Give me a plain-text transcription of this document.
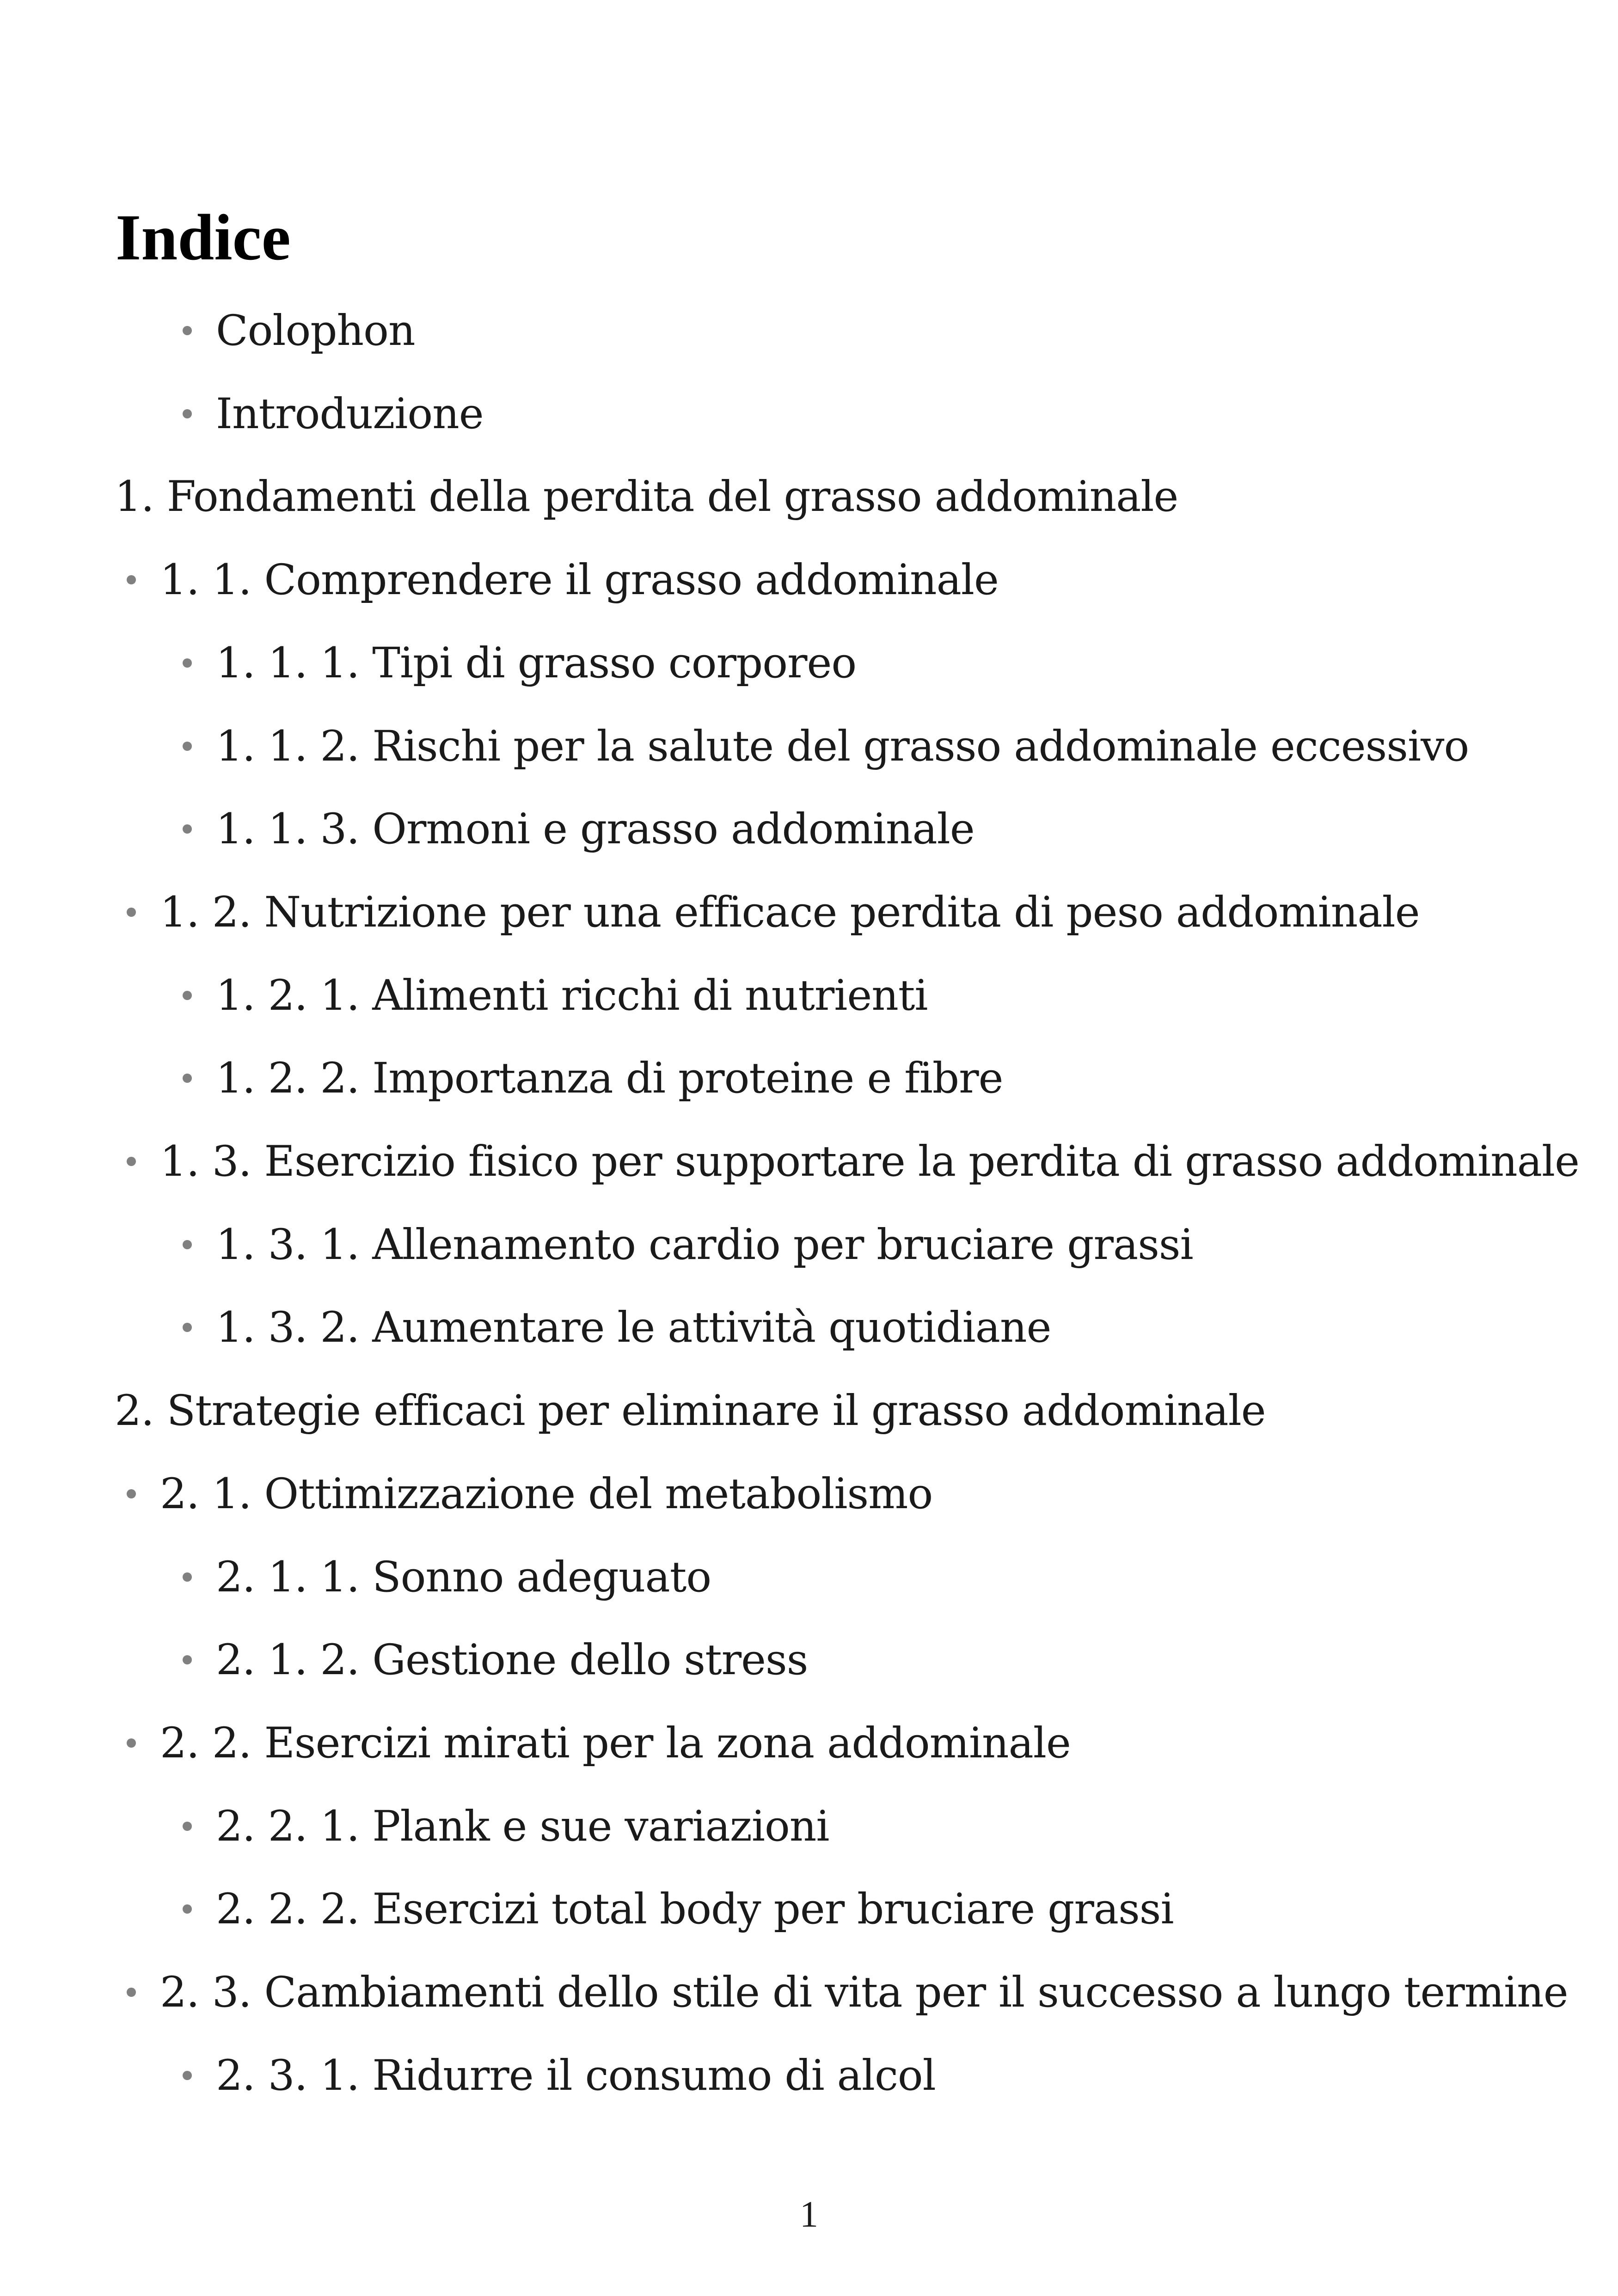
Indice
Colophon
Introduzione
1. Fondamenti della perdita del grasso addominale
1. 1. Comprendere il grasso addominale
1. 1. 1. Tipi di grasso corporeo
1. 1. 2. Rischi per la salute del grasso addominale eccessivo
1. 1. 3. Ormoni e grasso addominale
1. 2. Nutrizione per una efficace perdita di peso addominale
1. 2. 1. Alimenti ricchi di nutrienti
1. 2. 2. Importanza di proteine e fibre
1. 3. Esercizio fisico per supportare la perdita di grasso addominale
1. 3. 1. Allenamento cardio per bruciare grassi
1. 3. 2. Aumentare le attività quotidiane
2. Strategie efficaci per eliminare il grasso addominale
2. 1. Ottimizzazione del metabolismo
2. 1. 1. Sonno adeguato
2. 1. 2. Gestione dello stress
2. 2. Esercizi mirati per la zona addominale
2. 2. 1. Plank e sue variazioni
2. 2. 2. Esercizi total body per bruciare grassi
2. 3. Cambiamenti dello stile di vita per il successo a lungo termine
2. 3. 1. Ridurre il consumo di alcol
1
